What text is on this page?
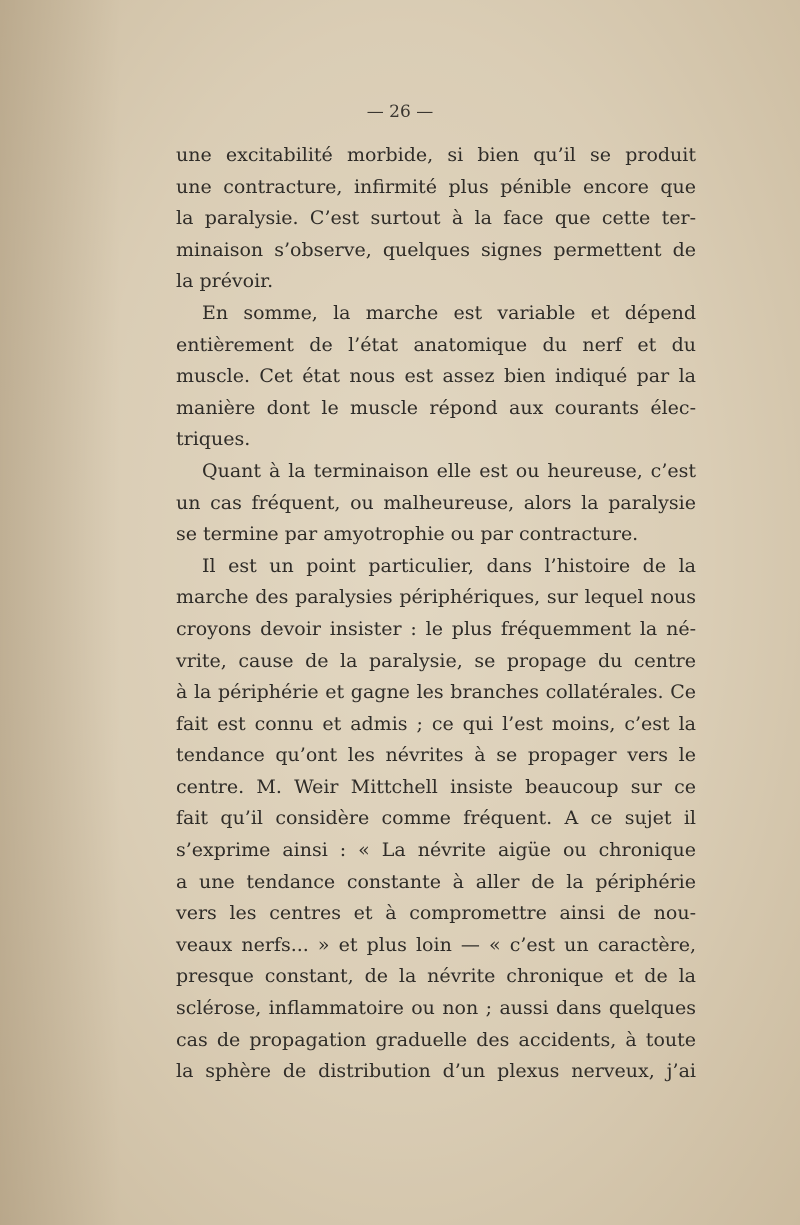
— 26 —
une excitabilité morbide, si bien qu’il se produit
une contracture, infirmité plus pénible encore que
la paralysie. C’est surtout à la face que cette ter-
minaison s’observe, quelques signes permettent de
la prévoir.
En somme, la marche est variable et dépend
entièrement de l’état anatomique du nerf et du
muscle. Cet état nous est assez bien indiqué par la
manière dont le muscle répond aux courants élec-
triques.
Quant à la terminaison elle est ou heureuse, c’est
un cas fréquent, ou malheureuse, alors la paralysie
se termine par amyotrophie ou par contracture.
Il est un point particulier, dans l’histoire de la
marche des paralysies périphériques, sur lequel nous
croyons devoir insister : le plus fréquemment la né-
vrite, cause de la paralysie, se propage du centre
à la périphérie et gagne les branches collatérales. Ce
fait est connu et admis ; ce qui l’est moins, c’est la
tendance qu’ont les névrites à se propager vers le
centre. M. Weir Mittchell insiste beaucoup sur ce
fait qu’il considère comme fréquent. A ce sujet il
s’exprime ainsi : « La névrite aigüe ou chronique
a une tendance constante à aller de la périphérie
vers les centres et à compromettre ainsi de nou-
veaux nerfs... » et plus loin — « c’est un caractère,
presque constant, de la névrite chronique et de la
sclérose, inflammatoire ou non ; aussi dans quelques
cas de propagation graduelle des accidents, à toute
la sphère de distribution d’un plexus nerveux, j’ai
